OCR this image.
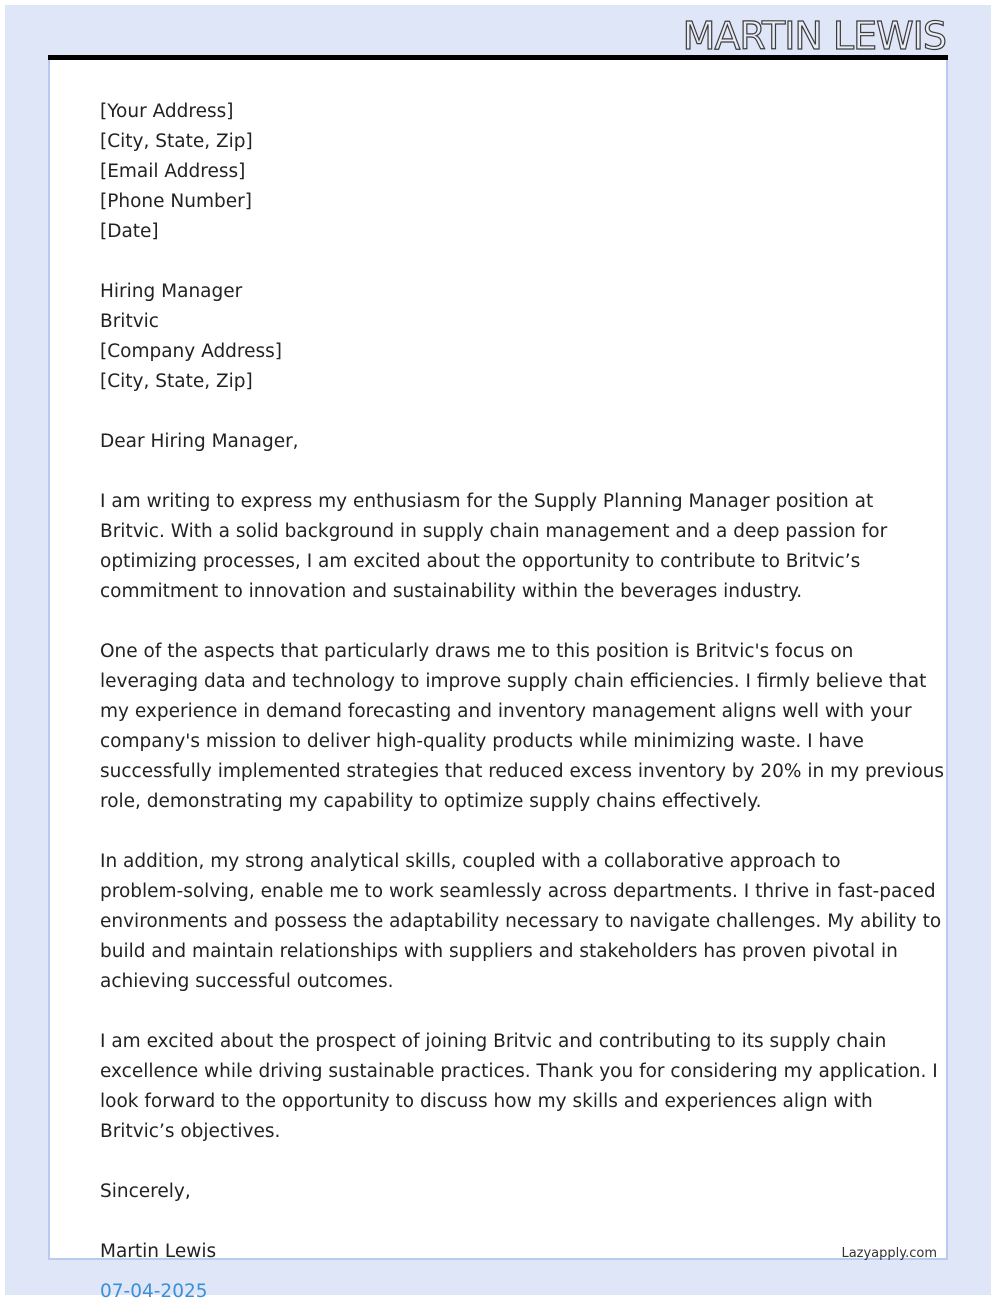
MARTIN LEWIS
[Your Address]
[City, State, Zip]
[Email Address]
[Phone Number]
[Date]
Hiring Manager
Britvic
[Company Address]
[City, State, Zip]
Dear Hiring Manager,
I am writing to express my enthusiasm for the Supply Planning Manager position at
Britvic. With a solid background in supply chain management and a deep passion for
optimizing processes, I am excited about the opportunity to contribute to Britvic’s
commitment to innovation and sustainability within the beverages industry.
One of the aspects that particularly draws me to this position is Britvic's focus on
leveraging data and technology to improve supply chain efficiencies. I firmly believe that
my experience in demand forecasting and inventory management aligns well with your
company's mission to deliver high-quality products while minimizing waste. I have
successfully implemented strategies that reduced excess inventory by 20% in my previous
role, demonstrating my capability to optimize supply chains effectively.
In addition, my strong analytical skills, coupled with a collaborative approach to
problem-solving, enable me to work seamlessly across departments. I thrive in fast-paced
environments and possess the adaptability necessary to navigate challenges. My ability to
build and maintain relationships with suppliers and stakeholders has proven pivotal in
achieving successful outcomes.
I am excited about the prospect of joining Britvic and contributing to its supply chain
excellence while driving sustainable practices. Thank you for considering my application. I
look forward to the opportunity to discuss how my skills and experiences align with
Britvic’s objectives.
Sincerely,
Martin Lewis
07-04-2025
Lazyapply.com
